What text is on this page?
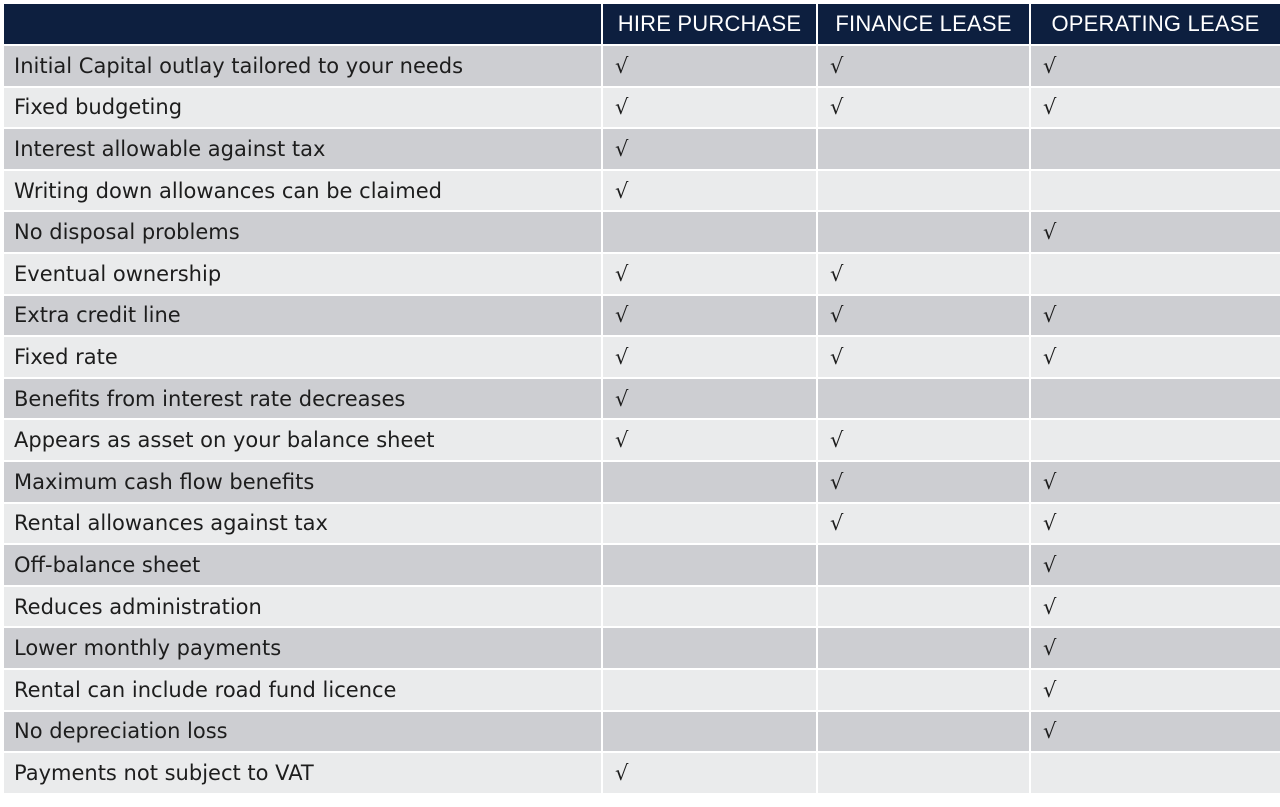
	HIRE PURCHASE	FINANCE LEASE	OPERATING LEASE
Initial Capital outlay tailored to your needs	√	√	√
Fixed budgeting	√	√	√
Interest allowable against tax	√		
Writing down allowances can be claimed	√		
No disposal problems			√
Eventual ownership	√	√	
Extra credit line	√	√	√
Fixed rate	√	√	√
Benefits from interest rate decreases	√		
Appears as asset on your balance sheet	√	√	
Maximum cash flow benefits		√	√
Rental allowances against tax		√	√
Off-balance sheet			√
Reduces administration			√
Lower monthly payments			√
Rental can include road fund licence			√
No depreciation loss			√
Payments not subject to VAT	√		
